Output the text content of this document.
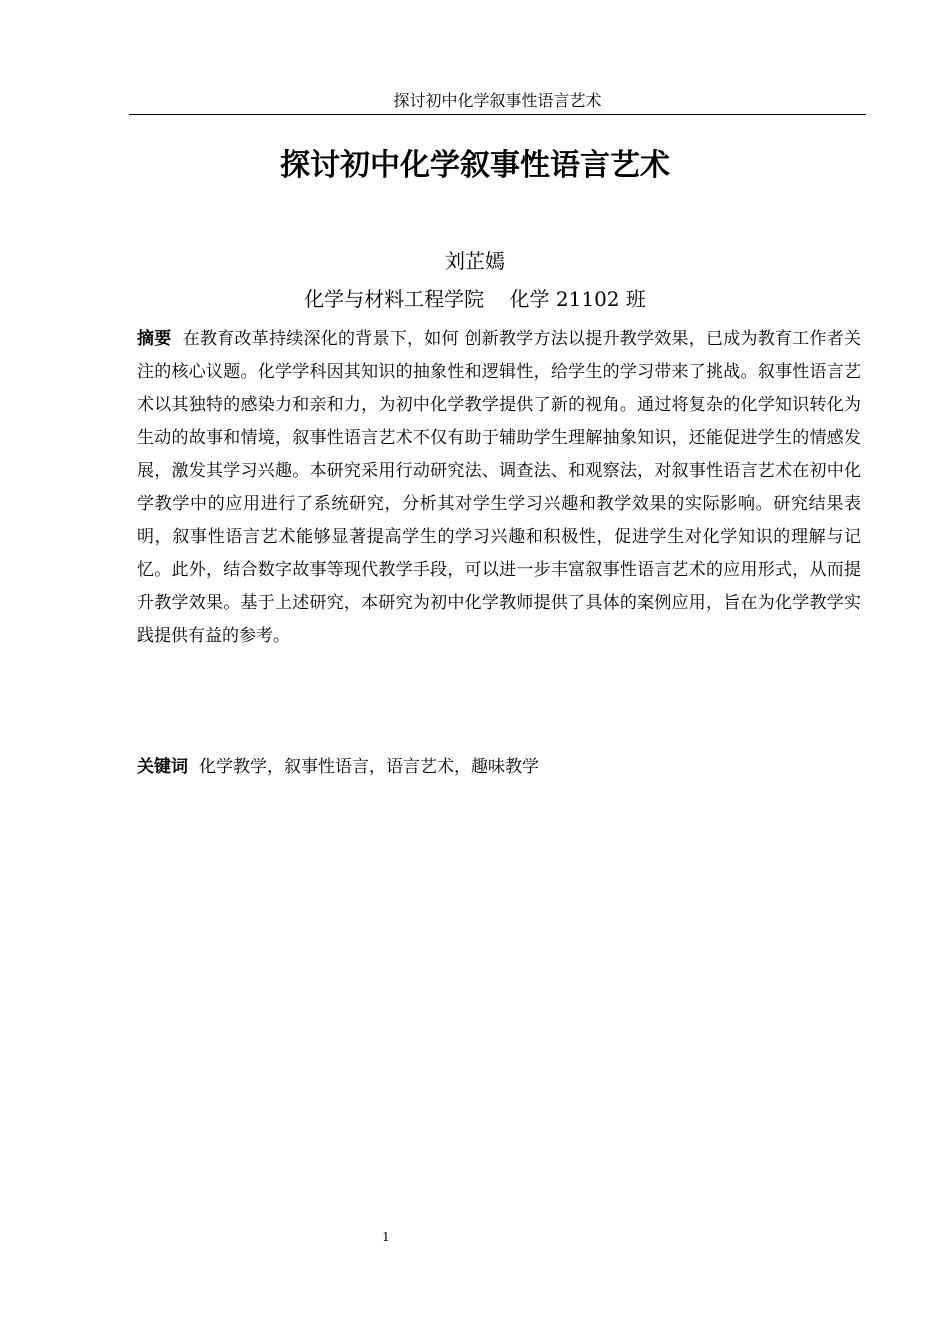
探讨初中化学叙事性语言艺术
探讨初中化学叙事性语言艺术
刘芷嫣
化学与材料工程学院    化学 21102 班

摘要 在教育改革持续深化的背景下，如何 创新教学方法以提升教学效果，已成为教育工作者关注的核心议题。化学学科因其知识的抽象性和逻辑性，给学生的学习带来了挑战。叙事性语言艺术以其独特的感染力和亲和力，为初中化学教学提供了新的视角。通过将复杂的化学知识转化为生动的故事和情境，叙事性语言艺术不仅有助于辅助学生理解抽象知识，还能促进学生的情感发展，激发其学习兴趣。本研究采用行动研究法、调查法、和观察法，对叙事性语言艺术在初中化学教学中的应用进行了系统研究，分析其对学生学习兴趣和教学效果的实际影响。研究结果表明，叙事性语言艺术能够显著提高学生的学习兴趣和积极性，促进学生对化学知识的理解与记忆。此外，结合数字故事等现代教学手段，可以进一步丰富叙事性语言艺术的应用形式，从而提升教学效果。基于上述研究，本研究为初中化学教师提供了具体的案例应用，旨在为化学教学实践提供有益的参考。

关键词 化学教学，叙事性语言，语言艺术，趣味教学

1
